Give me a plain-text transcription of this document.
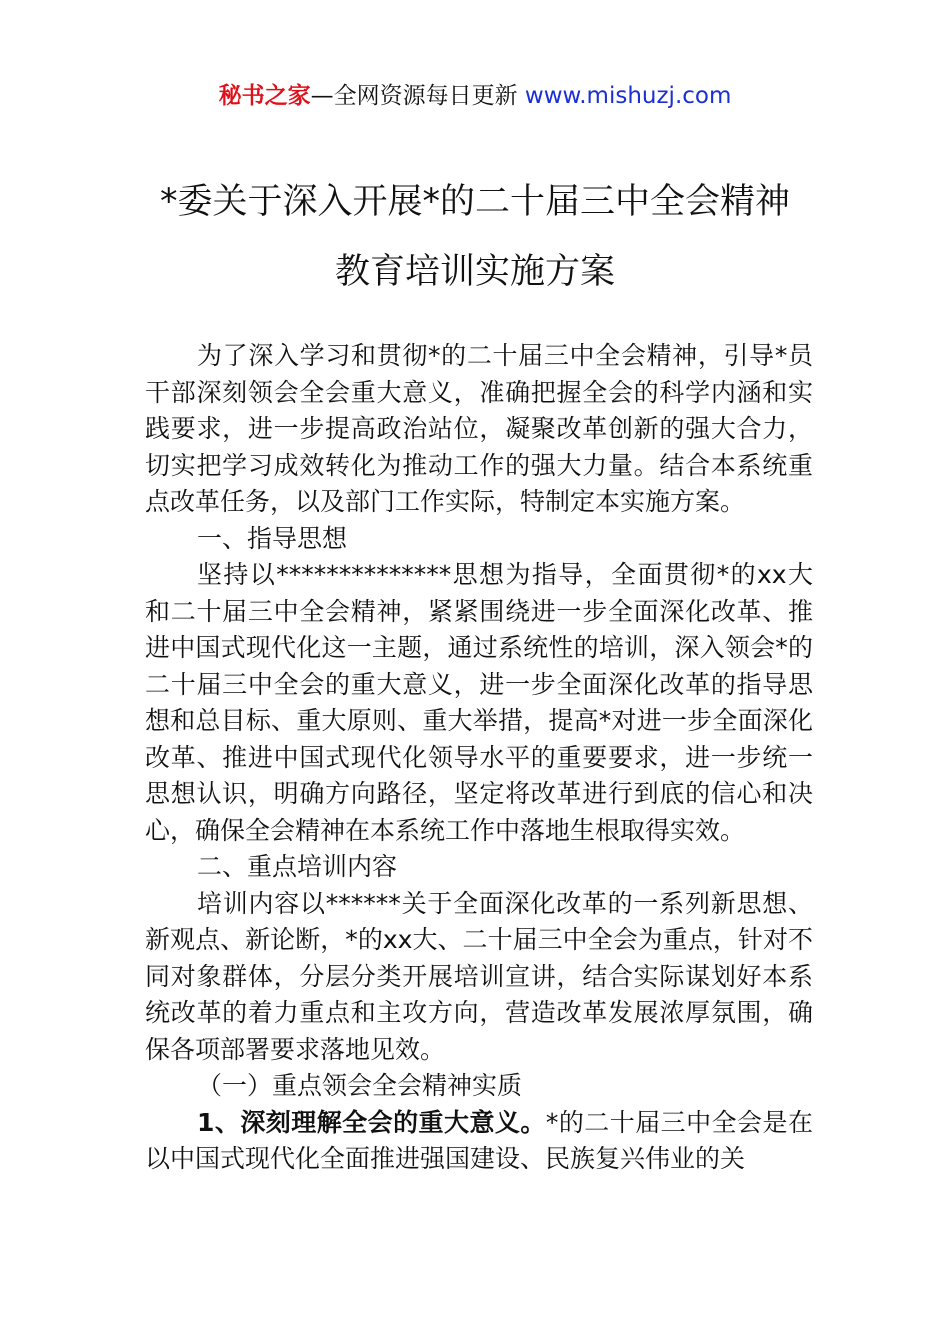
秘书之家—全网资源每日更新 www.mishuzj.com
*委关于深入开展*的二十届三中全会精神
教育培训实施方案

为了深入学习和贯彻*的二十届三中全会精神，引导*员干部深刻领会全会重大意义，准确把握全会的科学内涵和实践要求，进一步提高政治站位，凝聚改革创新的强大合力，切实把学习成效转化为推动工作的强大力量。结合本系统重点改革任务，以及部门工作实际，特制定本实施方案。

一、指导思想

坚持以**************思想为指导，全面贯彻*的xx大和二十届三中全会精神，紧紧围绕进一步全面深化改革、推进中国式现代化这一主题，通过系统性的培训，深入领会*的二十届三中全会的重大意义，进一步全面深化改革的指导思想和总目标、重大原则、重大举措，提高*对进一步全面深化改革、推进中国式现代化领导水平的重要要求，进一步统一思想认识，明确方向路径，坚定将改革进行到底的信心和决心，确保全会精神在本系统工作中落地生根取得实效。

二、重点培训内容

培训内容以******关于全面深化改革的一系列新思想、新观点、新论断，*的xx大、二十届三中全会为重点，针对不同对象群体，分层分类开展培训宣讲，结合实际谋划好本系统改革的着力重点和主攻方向，营造改革发展浓厚氛围，确保各项部署要求落地见效。

（一）重点领会全会精神实质

1、深刻理解全会的重大意义。*的二十届三中全会是在以中国式现代化全面推进强国建设、民族复兴伟业的关
